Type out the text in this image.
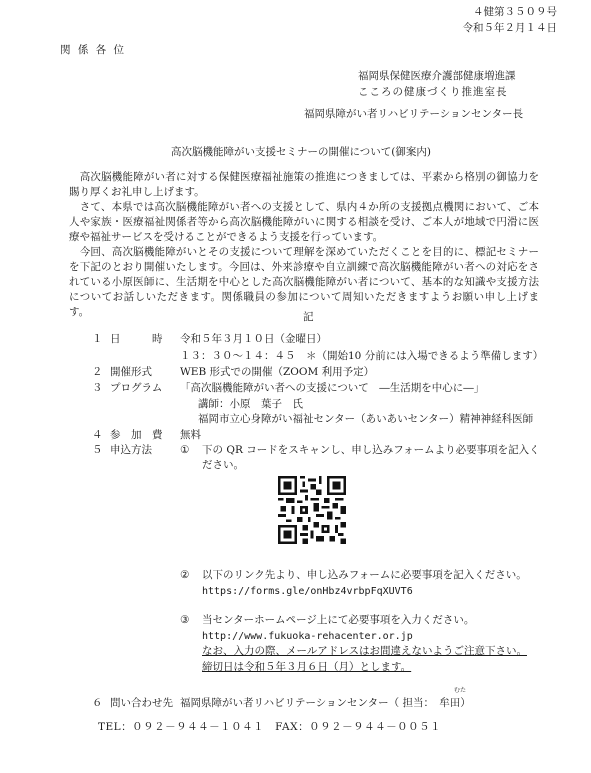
４健第３５０９号
令和５年２月１４日
関 係 各 位
福岡県保健医療介護部健康増進課
こころの健康づくり推進室長
福岡県障がい者リハビリテーションセンター長
高次脳機能障がい支援セミナーの開催について(御案内)

　高次脳機能障がい者に対する保健医療福祉施策の推進につきましては、平素から格別の御協力を賜り厚くお礼申し上げます。

　さて、本県では高次脳機能障がい者への支援として、県内４か所の支援拠点機関において、ご本人や家族・医療福祉関係者等から高次脳機能障がいに関する相談を受け、ご本人が地域で円滑に医療や福祉サービスを受けることができるよう支援を行っています。

　今回、高次脳機能障がいとその支援について理解を深めていただくことを目的に、標記セミナーを下記のとおり開催いたします。今回は、外来診療や自立訓練で高次脳機能障がい者への対応をされている小原医師に、生活期を中心とした高次脳機能障がい者について、基本的な知識や支援方法についてお話しいただきます。関係職員の参加について周知いただきますようお願い申し上げます。	記
１ 日　　　時 令和５年３月１０日（金曜日）
１３：３０～１４：４５　＊（開始10 分前には入場できるよう準備します）
２ 開催形式	WEB 形式での開催（ZOOM 利用予定）
３ プログラム 「高次脳機能障がい者への支援について　―生活期を中心に―」
講師：小原　葉子　氏
福岡市立心身障がい福祉センター（あいあいセンター）精神神経科医師
４ 参　加　費 無料
５ 申込方法	① 下の QR コードをスキャンし、申し込みフォームより必要事項を記入く
ださい。
② 以下のリンク先より、申し込みフォームに必要事項を記入ください。
https://forms.gle/onHbz4vrbpFqXUVT6
③ 当センターホームページ上にて必要事項を入力ください。
http://www.fukuoka-rehacenter.or.jp
なお、入力の際、メールアドレスはお間違えないようご注意下さい。
締切日は令和５年３月６日（月）とします。
６ 問い合わせ先 福岡県障がい者リハビリテーションセンター（ 担当：　牟田）
むた
TEL：０９２－９４４－１０４１　FAX：０９２－９４４－００５１
